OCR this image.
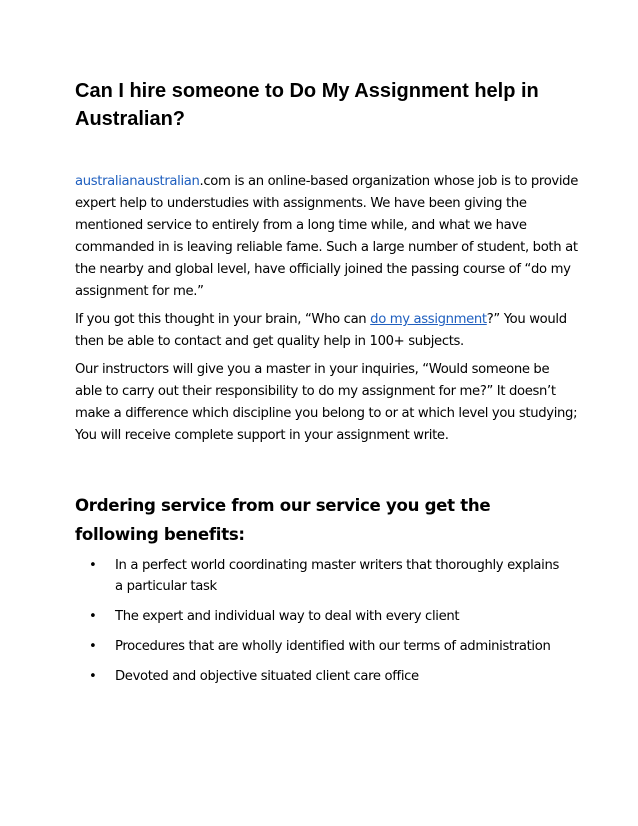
Can I hire someone to Do My Assignment help in Australian?

australianaustralian.com is an online-based organization whose job is to provide expert help to understudies with assignments. We have been giving the mentioned service to entirely from a long time while, and what we have commanded in is leaving reliable fame. Such a large number of student, both at the nearby and global level, have officially joined the passing course of “do my assignment for me.”

If you got this thought in your brain, “Who can do my assignment?” You would then be able to contact and get quality help in 100+ subjects.

Our instructors will give you a master in your inquiries, “Would someone be able to carry out their responsibility to do my assignment for me?” It doesn’t make a difference which discipline you belong to or at which level you studying; You will receive complete support in your assignment write.

Ordering service from our service you get the following benefits:
• In a perfect world coordinating master writers that thoroughly explains a particular task
• The expert and individual way to deal with every client
• Procedures that are wholly identified with our terms of administration
• Devoted and objective situated client care office
